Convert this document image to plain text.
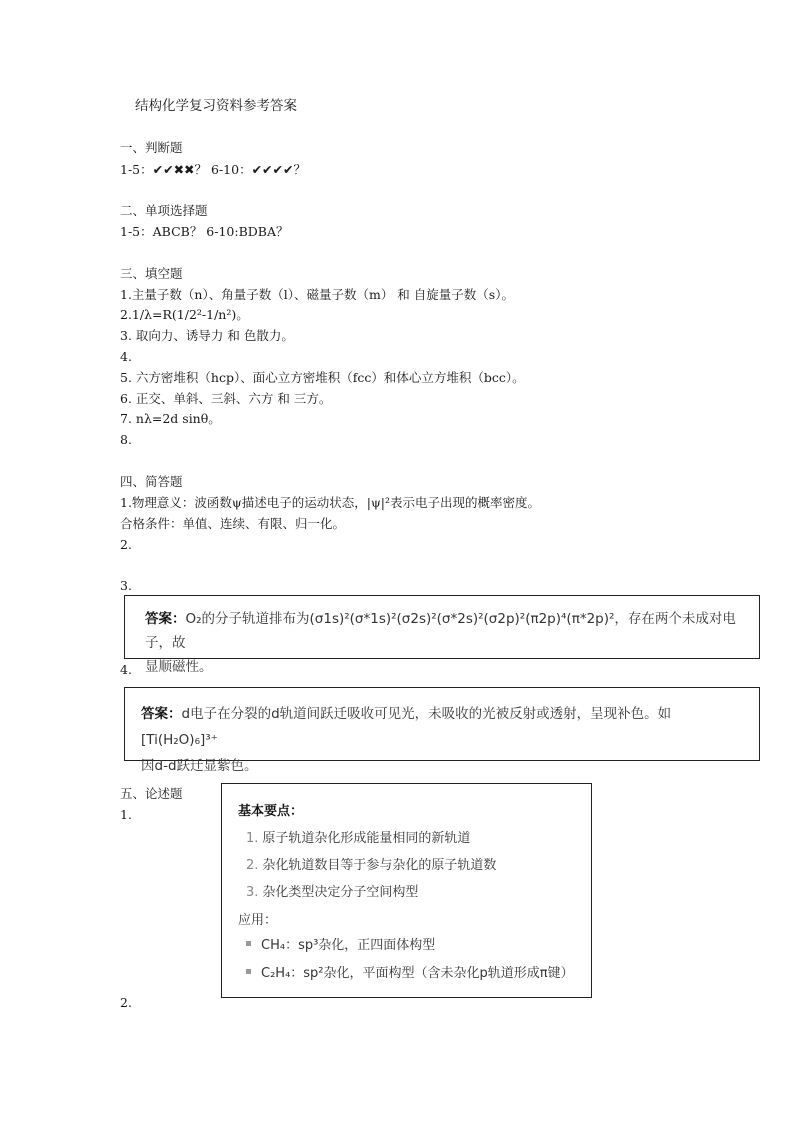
结构化学复习资料参考答案
一、判断题
1-5：✔✔✖✖？ 6-10：✔✔✔✔？
二、单项选择题
1-5：ABCB？ 6-10:BDBA？
三、填空题
1.主量子数（n）、角量子数（l）、磁量子数（m） 和 自旋量子数（s）。
2.1/λ=R(1/2²-1/n²)。
3. 取向力、诱导力 和 色散力。
4.
5. 六方密堆积（hcp）、面心立方密堆积（fcc）和体心立方堆积（bcc）。
6. 正交、单斜、三斜、六方 和 三方。
7. nλ=2d sinθ。
8.
四、简答题
1.物理意义：波函数ψ描述电子的运动状态，|ψ|²表示电子出现的概率密度。
合格条件：单值、连续、有限、归一化。
2.
3.
答案：O₂的分子轨道排布为(σ1s)²(σ*1s)²(σ2s)²(σ*2s)²(σ2p)²(π2p)⁴(π*2p)²，存在两个未成对电子，故
显顺磁性。
4.
答案：d电子在分裂的d轨道间跃迁吸收可见光，未吸收的光被反射或透射，呈现补色。如[Ti(H₂O)₆]³⁺
因d-d跃迁显紫色。
五、论述题
1.	基本要点：
1. 原子轨道杂化形成能量相同的新轨道
2. 杂化轨道数目等于参与杂化的原子轨道数
3. 杂化类型决定分子空间构型
应用：
CH₄：sp³杂化，正四面体构型
C₂H₄：sp²杂化，平面构型（含未杂化p轨道形成π键）
2.
